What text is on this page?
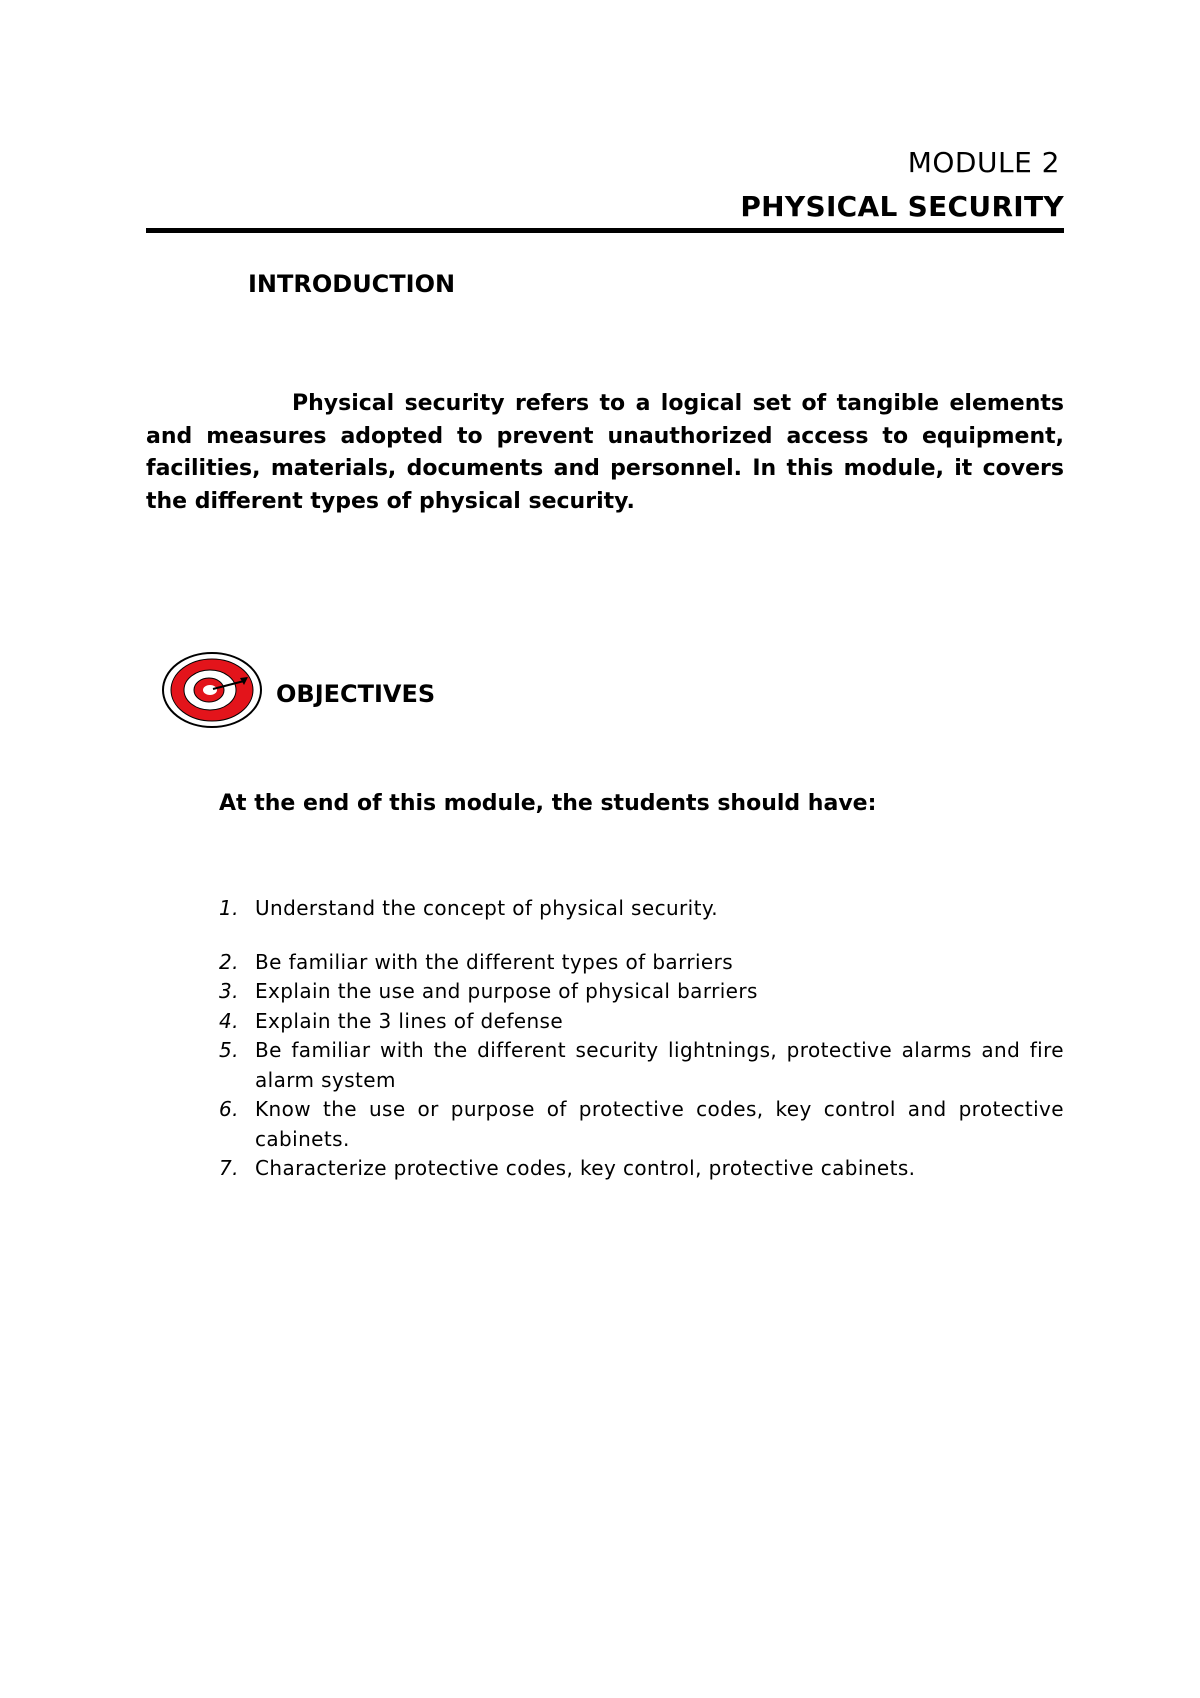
MODULE 2
PHYSICAL SECURITY
INTRODUCTION

Physical security refers to a logical set of tangible elements and measures adopted to prevent unauthorized access to equipment, facilities, materials, documents and personnel. In this module, it covers the different types of physical security.

OBJECTIVES
At the end of this module, the students should have:
1. Understand the concept of physical security.
2. Be familiar with the different types of barriers
3. Explain the use and purpose of physical barriers
4. Explain the 3 lines of defense
5. Be familiar with the different security lightnings, protective alarms and fire alarm system
6. Know the use or purpose of protective codes, key control and protective cabinets.
7. Characterize protective codes, key control, protective cabinets.
